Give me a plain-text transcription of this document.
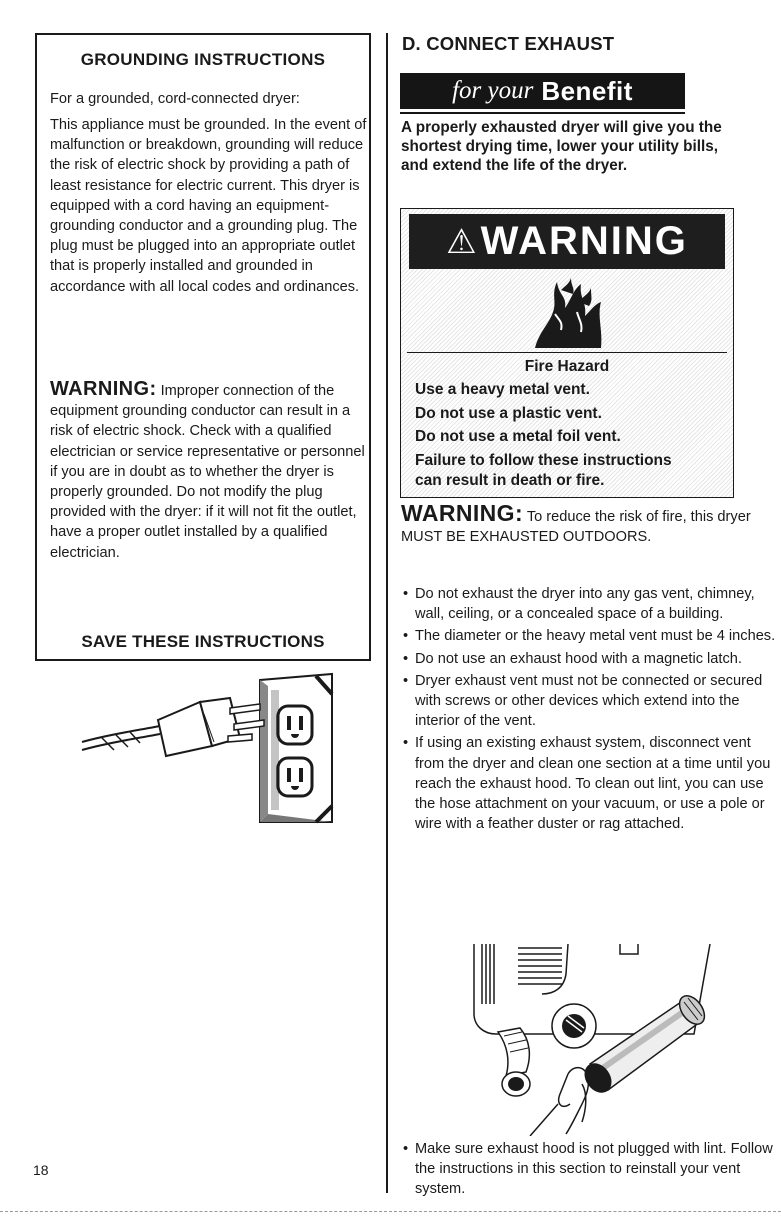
GROUNDING INSTRUCTIONS
For a grounded, cord-connected dryer:
This appliance must be grounded. In the event of malfunction or breakdown, grounding will reduce the risk of electric shock by providing a path of least resistance for electric current. This dryer is equipped with a cord having an equipment-grounding conductor and a grounding plug. The plug must be plugged into an appropriate outlet that is properly installed and grounded in accordance with all local codes and ordinances.
WARNING: Improper connection of the equipment grounding conductor can result in a risk of electric shock. Check with a qualified electrician or service representative or personnel if you are in doubt as to whether the dryer is properly grounded. Do not modify the plug provided with the dryer: if it will not fit the outlet, have a proper outlet installed by a qualified electrician.
SAVE THESE INSTRUCTIONS
18
D. CONNECT EXHAUST
for your Benefit
A properly exhausted dryer will give you the shortest drying time, lower your utility bills, and extend the life of the dryer.
⚠ WARNING
Fire Hazard
Use a heavy metal vent.
Do not use a plastic vent.
Do not use a metal foil vent.
Failure to follow these instructions
can result in death or fire.
WARNING: To reduce the risk of fire, this dryer MUST BE EXHAUSTED OUTDOORS.
• Do not exhaust the dryer into any gas vent, chimney, wall, ceiling, or a concealed space of a building.
• The diameter or the heavy metal vent must be 4 inches.
• Do not use an exhaust hood with a magnetic latch.
• Dryer exhaust vent must not be connected or secured with screws or other devices which extend into the interior of the vent.
• If using an existing exhaust system, disconnect vent from the dryer and clean one section at a time until you reach the exhaust hood. To clean out lint, you can use the hose attachment on your vacuum, or use a pole or wire with a feather duster or rag attached.
• Make sure exhaust hood is not plugged with lint. Follow the instructions in this section to reinstall your vent system.
